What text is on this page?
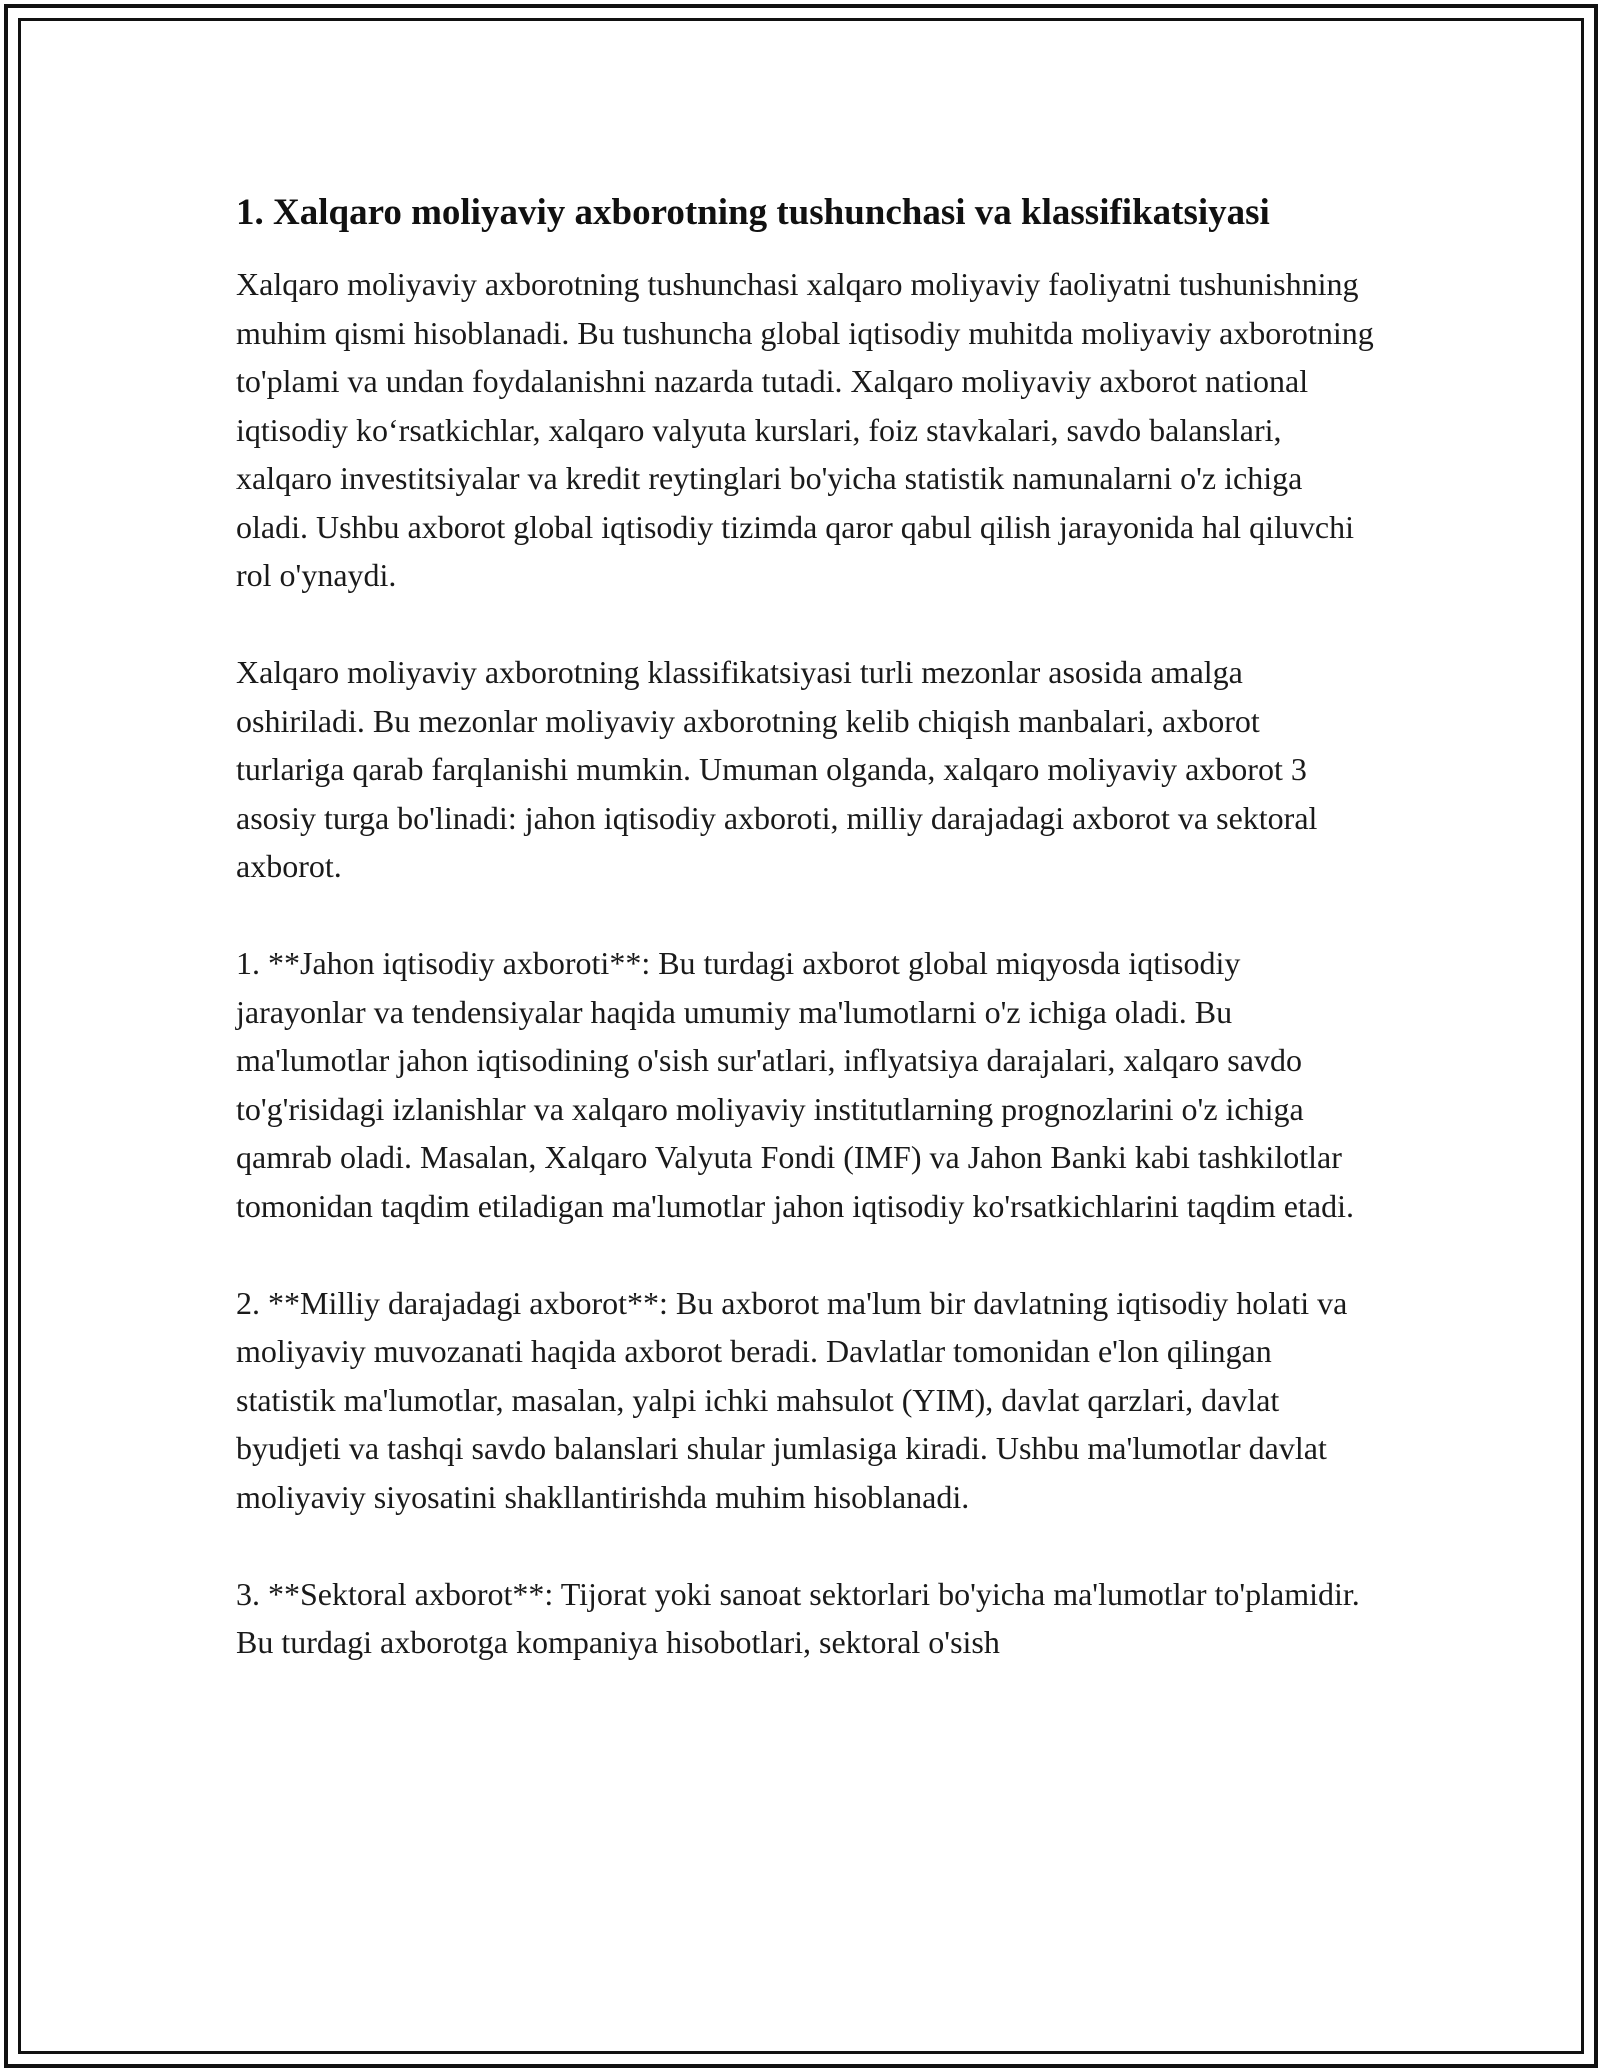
1. Xalqaro moliyaviy axborotning tushunchasi va klassifikatsiyasi

Xalqaro moliyaviy axborotning tushunchasi xalqaro moliyaviy faoliyatni tushunishning muhim qismi hisoblanadi. Bu tushuncha global iqtisodiy muhitda moliyaviy axborotning to'plami va undan foydalanishni nazarda tutadi. Xalqaro moliyaviy axborot national iqtisodiy ko‘rsatkichlar, xalqaro valyuta kurslari, foiz stavkalari, savdo balanslari, xalqaro investitsiyalar va kredit reytinglari bo'yicha statistik namunalarni o'z ichiga oladi. Ushbu axborot global iqtisodiy tizimda qaror qabul qilish jarayonida hal qiluvchi rol o'ynaydi.

Xalqaro moliyaviy axborotning klassifikatsiyasi turli mezonlar asosida amalga oshiriladi. Bu mezonlar moliyaviy axborotning kelib chiqish manbalari, axborot turlariga qarab farqlanishi mumkin. Umuman olganda, xalqaro moliyaviy axborot 3 asosiy turga bo'linadi: jahon iqtisodiy axboroti, milliy darajadagi axborot va sektoral axborot.

1. **Jahon iqtisodiy axboroti**: Bu turdagi axborot global miqyosda iqtisodiy jarayonlar va tendensiyalar haqida umumiy ma'lumotlarni o'z ichiga oladi. Bu ma'lumotlar jahon iqtisodining o'sish sur'atlari, inflyatsiya darajalari, xalqaro savdo to'g'risidagi izlanishlar va xalqaro moliyaviy institutlarning prognozlarini o'z ichiga qamrab oladi. Masalan, Xalqaro Valyuta Fondi (IMF) va Jahon Banki kabi tashkilotlar tomonidan taqdim etiladigan ma'lumotlar jahon iqtisodiy ko'rsatkichlarini taqdim etadi.

2. **Milliy darajadagi axborot**: Bu axborot ma'lum bir davlatning iqtisodiy holati va moliyaviy muvozanati haqida axborot beradi. Davlatlar tomonidan e'lon qilingan statistik ma'lumotlar, masalan, yalpi ichki mahsulot (YIM), davlat qarzlari, davlat byudjeti va tashqi savdo balanslari shular jumlasiga kiradi. Ushbu ma'lumotlar davlat moliyaviy siyosatini shakllantirishda muhim hisoblanadi.

3. **Sektoral axborot**: Tijorat yoki sanoat sektorlari bo'yicha ma'lumotlar to'plamidir. Bu turdagi axborotga kompaniya hisobotlari, sektoral o'sish
